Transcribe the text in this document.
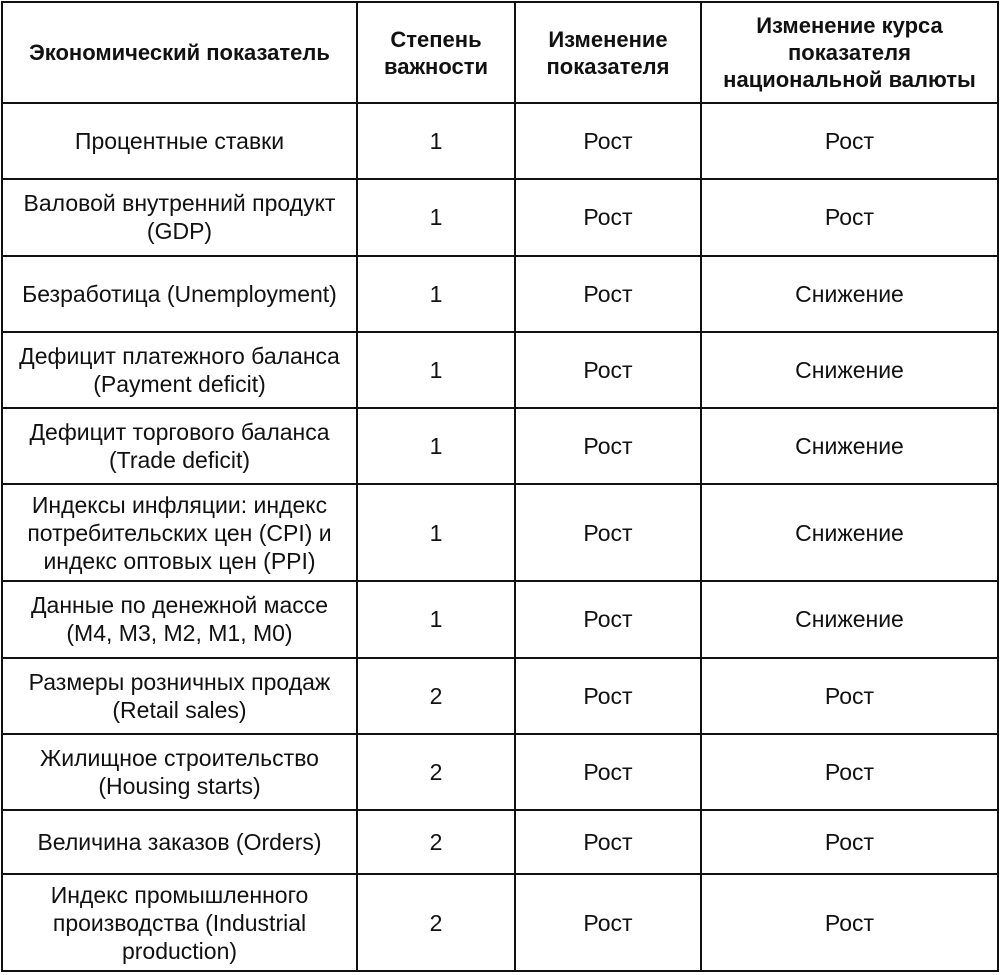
Экономический показатель	Степень важности	Изменение показателя	Изменение курса показателя национальной валюты
Процентные ставки	1	Рост	Рост
Валовой внутренний продукт (GDP)	1	Рост	Рост
Безработица (Unemployment)	1	Рост	Снижение
Дефицит платежного баланса (Payment deficit)	1	Рост	Снижение
Дефицит торгового баланса (Trade deficit)	1	Рост	Снижение
Индексы инфляции: индекс потребительских цен (CPI) и индекс оптовых цен (PPI)	1	Рост	Снижение
Данные по денежной массе (M4, M3, M2, M1, M0)	1	Рост	Снижение
Размеры розничных продаж (Retail sales)	2	Рост	Рост
Жилищное строительство (Housing starts)	2	Рост	Рост
Величина заказов (Orders)	2	Рост	Рост
Индекс промышленного производства (Industrial production)	2	Рост	Рост
